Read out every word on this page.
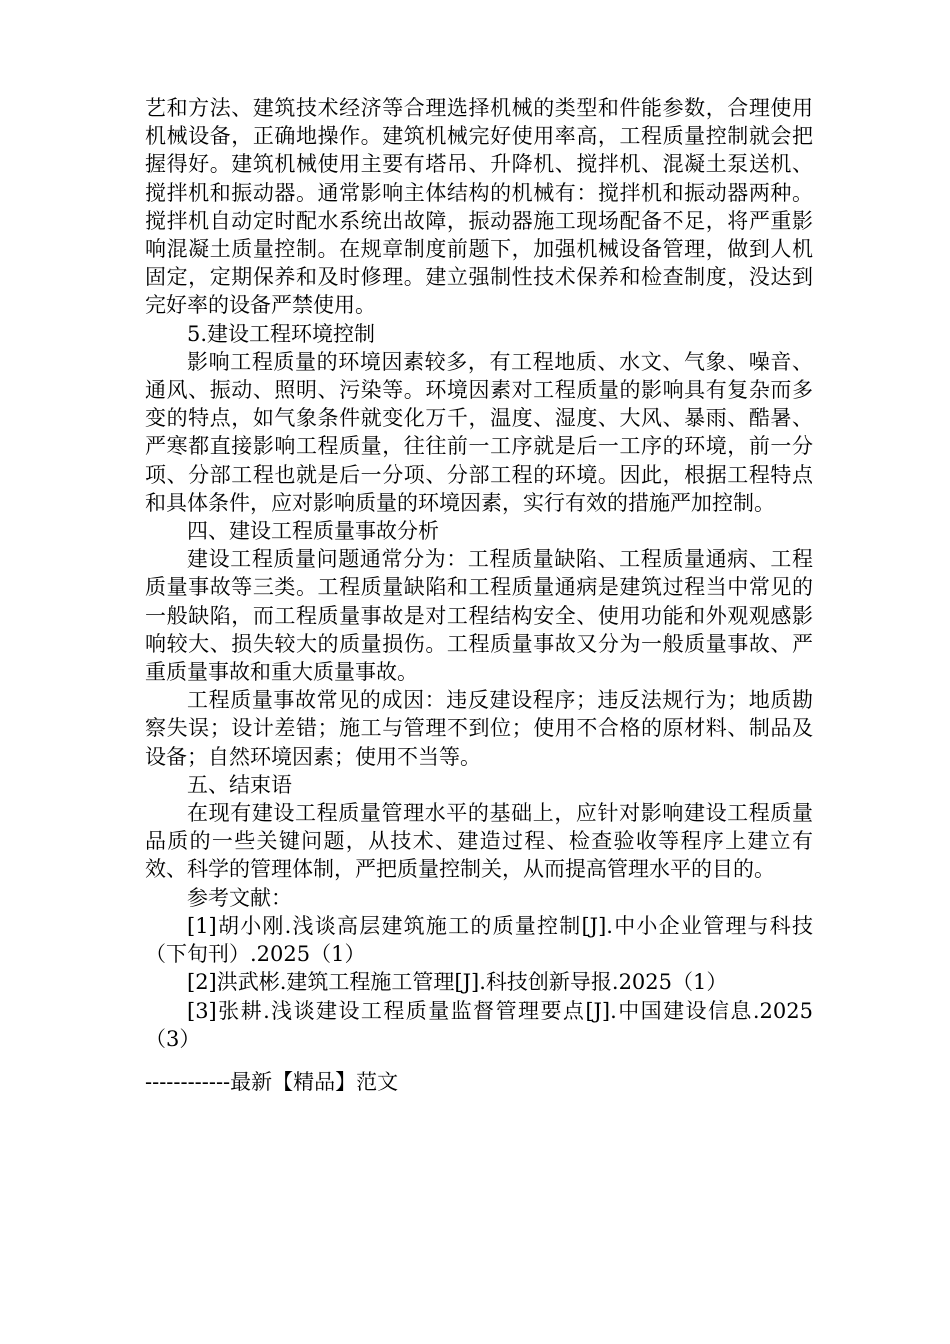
艺和方法、建筑技术经济等合理选择机械的类型和件能参数，合理使用机械设备，正确地操作。建筑机械完好使用率高，工程质量控制就会把握得好。建筑机械使用主要有塔吊、升降机、搅拌机、混凝土泵送机、搅拌机和振动器。通常影响主体结构的机械有：搅拌机和振动器两种。搅拌机自动定时配水系统出故障，振动器施工现场配备不足，将严重影响混凝土质量控制。在规章制度前题下，加强机械设备管理，做到人机固定，定期保养和及时修理。建立强制性技术保养和检查制度，没达到完好率的设备严禁使用。

5.建设工程环境控制

影响工程质量的环境因素较多，有工程地质、水文、气象、噪音、通风、振动、照明、污染等。环境因素对工程质量的影响具有复杂而多变的特点，如气象条件就变化万千，温度、湿度、大风、暴雨、酷暑、严寒都直接影响工程质量，往往前一工序就是后一工序的环境，前一分项、分部工程也就是后一分项、分部工程的环境。因此，根据工程特点和具体条件，应对影响质量的环境因素，实行有效的措施严加控制。

四、建设工程质量事故分析

建设工程质量问题通常分为：工程质量缺陷、工程质量通病、工程质量事故等三类。工程质量缺陷和工程质量通病是建筑过程当中常见的一般缺陷，而工程质量事故是对工程结构安全、使用功能和外观观感影响较大、损失较大的质量损伤。工程质量事故又分为一般质量事故、严重质量事故和重大质量事故。

工程质量事故常见的成因：违反建设程序；违反法规行为；地质勘察失误；设计差错；施工与管理不到位；使用不合格的原材料、制品及设备；自然环境因素；使用不当等。

五、结束语

在现有建设工程质量管理水平的基础上，应针对影响建设工程质量品质的一些关键问题，从技术、建造过程、检查验收等程序上建立有效、科学的管理体制，严把质量控制关，从而提高管理水平的目的。

参考文献：

[1]胡小刚.浅谈高层建筑施工的质量控制[J].中小企业管理与科技（下旬刊）.2025（1）

[2]洪武彬.建筑工程施工管理[J].科技创新导报.2025（1）

[3]张耕.浅谈建设工程质量监督管理要点[J].中国建设信息.2025（3）

------------最新【精品】范文
